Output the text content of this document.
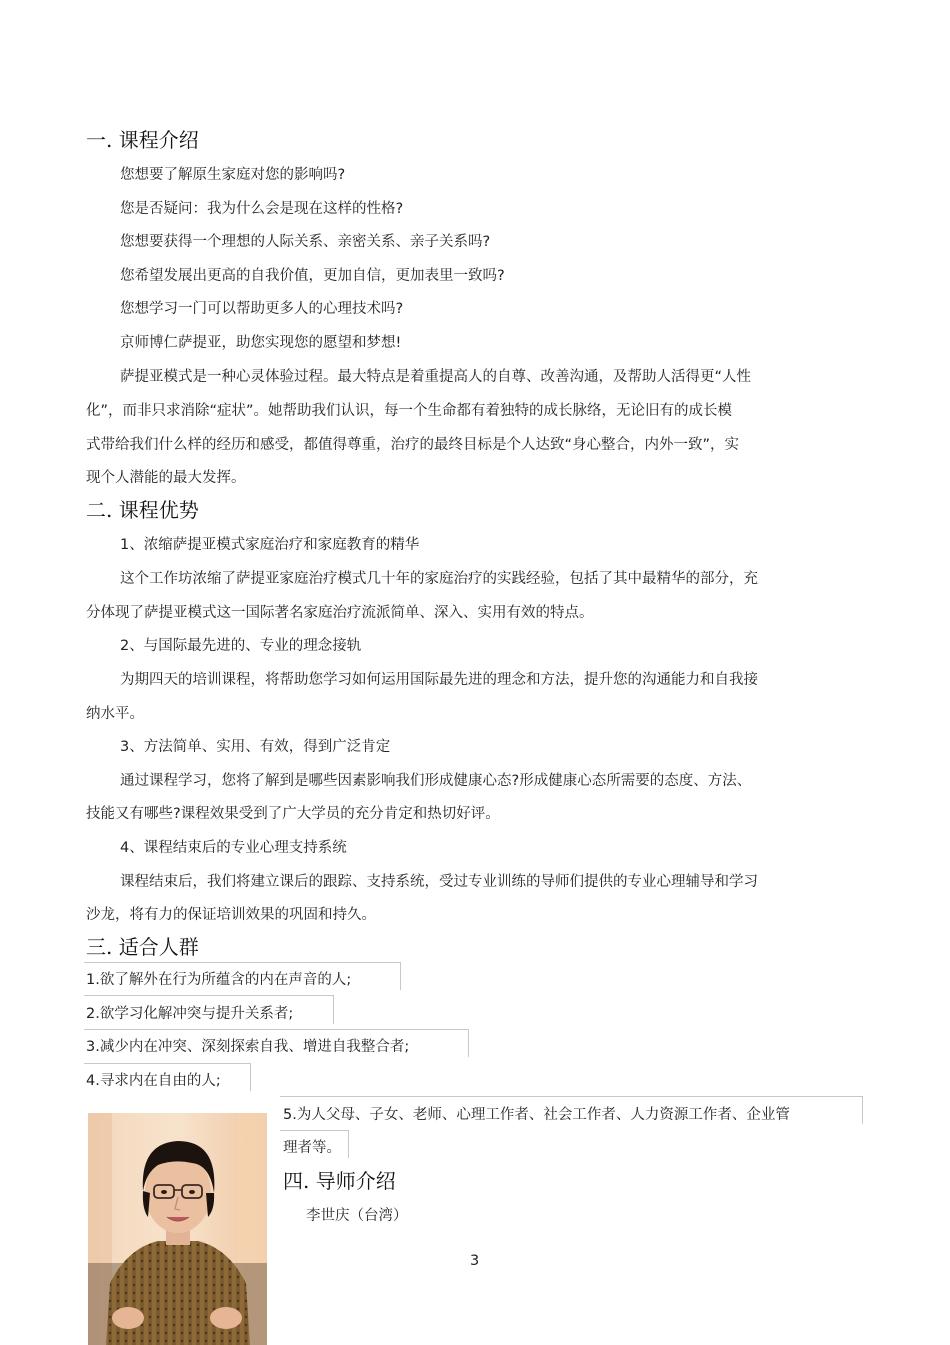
一. 课程介绍
您想要了解原生家庭对您的影响吗?
您是否疑问：我为什么会是现在这样的性格?
您想要获得一个理想的人际关系、亲密关系、亲子关系吗?
您希望发展出更高的自我价值，更加自信，更加表里一致吗?
您想学习一门可以帮助更多人的心理技术吗?
京师博仁萨提亚，助您实现您的愿望和梦想!
萨提亚模式是一种心灵体验过程。最大特点是着重提高人的自尊、改善沟通，及帮助人活得更“人性
化”，而非只求消除“症状”。她帮助我们认识，每一个生命都有着独特的成长脉络，无论旧有的成长模
式带给我们什么样的经历和感受，都值得尊重，治疗的最终目标是个人达致“身心整合，内外一致”，实
现个人潜能的最大发挥。
二. 课程优势
1、浓缩萨提亚模式家庭治疗和家庭教育的精华
这个工作坊浓缩了萨提亚家庭治疗模式几十年的家庭治疗的实践经验，包括了其中最精华的部分，充
分体现了萨提亚模式这一国际著名家庭治疗流派简单、深入、实用有效的特点。
2、与国际最先进的、专业的理念接轨
为期四天的培训课程，将帮助您学习如何运用国际最先进的理念和方法，提升您的沟通能力和自我接
纳水平。
3、方法简单、实用、有效，得到广泛肯定
通过课程学习，您将了解到是哪些因素影响我们形成健康心态?形成健康心态所需要的态度、方法、
技能又有哪些?课程效果受到了广大学员的充分肯定和热切好评。
4、课程结束后的专业心理支持系统
课程结束后，我们将建立课后的跟踪、支持系统，受过专业训练的导师们提供的专业心理辅导和学习
沙龙，将有力的保证培训效果的巩固和持久。
三. 适合人群
1.欲了解外在行为所蕴含的内在声音的人;
2.欲学习化解冲突与提升关系者;
3.减少内在冲突、深刻探索自我、增进自我整合者;
4.寻求内在自由的人;
5.为人父母、子女、老师、心理工作者、社会工作者、人力资源工作者、企业管
理者等。
四. 导师介绍
李世庆（台湾）
3
